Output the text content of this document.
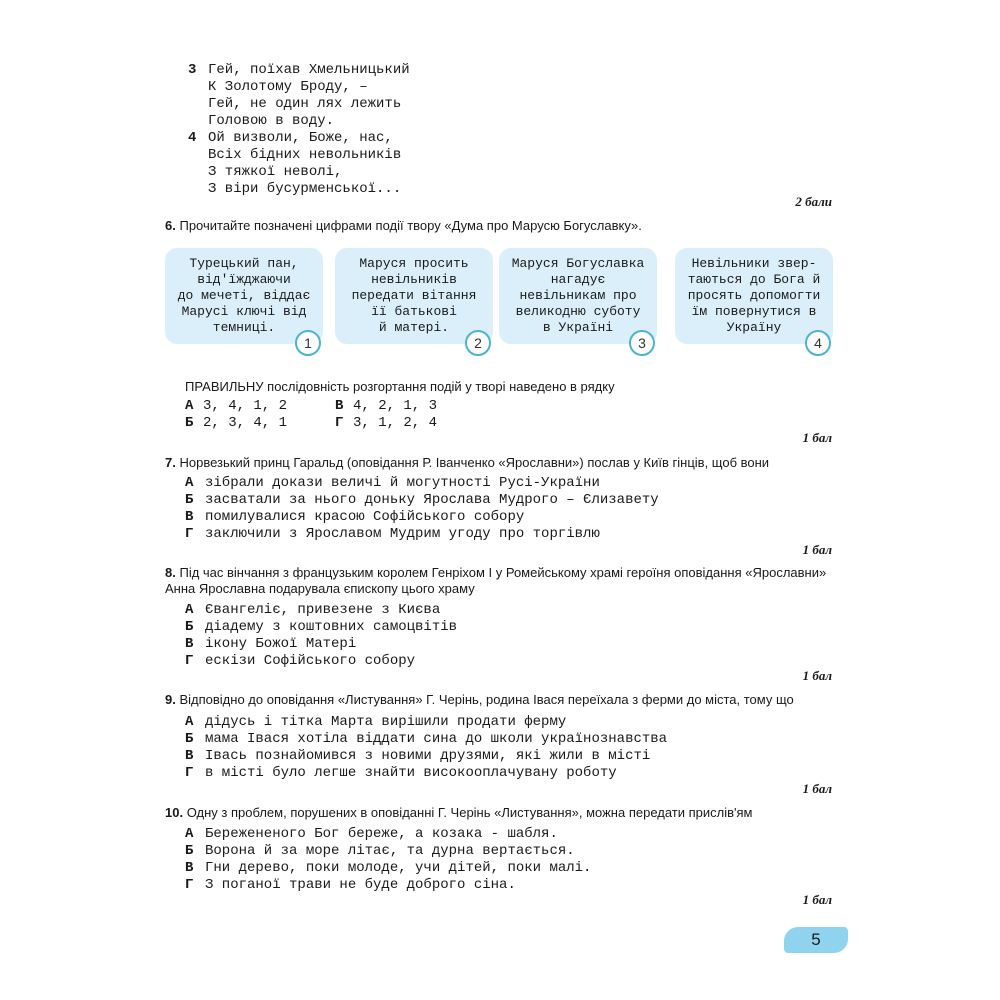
3 Гей, поїхав Хмельницький
К Золотому Броду, –
Гей, не один лях лежить
Головою в воду.
4 Ой визволи, Боже, нас,
Всіх бідних невольників
З тяжкої неволі,
З віри бусурменської...
2 бали
6. Прочитайте позначені цифрами події твору «Дума про Марусю Богуславку».
Турецький пан,
від'їжджаючи
до мечеті, віддає
Марусі ключі від
темниці.
1
Маруся просить
невільників
передати вітання
її батькові
й матері.
2
Маруся Богуславка
нагадує
невільникам про
великодню суботу
в Україні
3
Невільники звер-
таються до Бога й
просять допомогти
їм повернутися в
Україну
4
ПРАВИЛЬНУ послідовність розгортання подій у творі наведено в рядку
А 3, 4, 1, 2	В 4, 2, 1, 3
Б 2, 3, 4, 1	Г 3, 1, 2, 4
1 бал
7. Норвезький принц Гаральд (оповідання Р. Іванченко «Ярославни») послав у Київ гінців, щоб вони
А зібрали докази величі й могутності Русі-України
Б засватали за нього доньку Ярослава Мудрого – Єлизавету
В помилувалися красою Софійського собору
Г заключили з Ярославом Мудрим угоду про торгівлю
1 бал
8. Під час вінчання з французьким королем Генріхом І у Ромейському храмі героїня оповідання «Ярославни» Анна Ярославна подарувала єпископу цього храму
А Євангеліє, привезене з Києва
Б діадему з коштовних самоцвітів
В ікону Божої Матері
Г ескізи Софійського собору
1 бал
9. Відповідно до оповідання «Листування» Г. Черінь, родина Івася переїхала з ферми до міста, тому що
А дідусь і тітка Марта вирішили продати ферму
Б мама Івася хотіла віддати сина до школи українознавства
В Івась познайомився з новими друзями, які жили в місті
Г в місті було легше знайти високооплачувану роботу
1 бал
10. Одну з проблем, порушених в оповіданні Г. Черінь «Листування», можна передати прислів'ям
А Бережененого Бог береже, а козака - шабля.
Б Ворона й за море літає, та дурна вертається.
В Гни дерево, поки молоде, учи дітей, поки малі.
Г З поганої трави не буде доброго сіна.
1 бал
5
